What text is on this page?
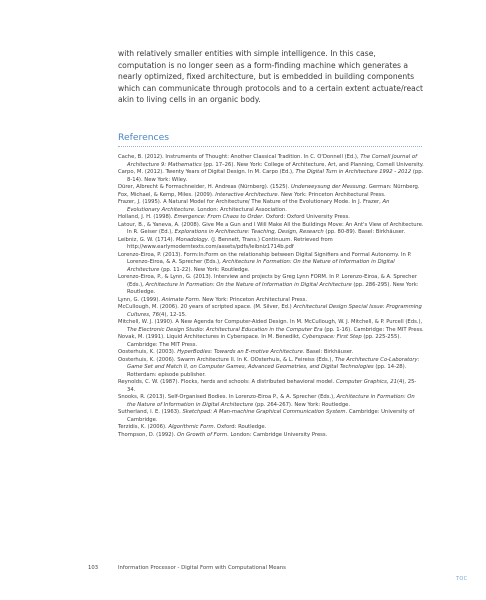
with relatively smaller entities with simple intelligence. In this case, computation is no longer seen as a form-finding machine which generates a nearly optimized, fixed architecture, but is embedded in building components which can communicate through protocols and to a certain extent actuate/react akin to living cells in an organic body.

References

Cache, B. (2012). Instruments of Thought: Another Classical Tradition. In C. O'Donnell (Ed.), The Cornell Journal of Architecture 9: Mathematics (pp. 17–26). New York: College of Architecture, Art, and Planning, Cornell University.

Carpo, M. (2012). Twenty Years of Digital Design. In M. Carpo (Ed.), The Digital Turn in Architecture 1992 - 2012 (pp. 8-14). New York: Wiley.

Dürer, Albrecht & Formschneider, H. Andreas (Nürnberg). (1525). Underweysung der Messung. German: Nürnberg.

Fox, Michael, & Kemp, Miles. (2009). Interactive Architecture. New York: Princeton Architectural Press.

Frazer, J. (1995). A Natural Model for Architecture/ The Nature of the Evolutionary Mode. In J. Frazer, An Evolutionary Architecture. London: Architectural Association.

Holland, J. H. (1998). Emergence: From Chaos to Order. Oxford: Oxford University Press.

Latour, B., & Yaneva, A. (2008). Give Me a Gun and I Will Make All the Buildings Move: An Ant's View of Architecture. In R. Geiser (Ed.), Explorations in Architecture: Teaching, Design, Research (pp. 80-89). Basel: Birkhäuser.

Leibniz, G. W. (1714). Monadology. (J. Bennett, Trans.) Continuum. Retrieved from http://www.earlymoderntexts.com/assets/pdfs/leibniz1714b.pdf

Lorenzo-Eiroa, P. (2013). Form:In:Form on the relationship between Digital Signifiers and Formal Autonomy. In P. Lorenzo-Eiroa, & A. Sprecher (Eds.), Architecture In Formation: On the Nature of Information in Digital Architecture (pp. 11-22). New York: Routledge.

Lorenzo-Eiroa, P., & Lynn, G. (2013). Interview and projects by Greg Lynn FORM. In P. Lorenzo-Eiroa, & A. Sprecher (Eds.), Architecture In Formation: On the Nature of Information in Digital Architecture (pp. 286-295). New York: Routledge.

Lynn, G. (1999). Animate Form. New York: Princeton Architectural Press.

McCullough, M. (2006). 20 years of scripted space. (M. Silver, Ed.) Architectural Design Special Issue: Programming Cultures, 76(4), 12-15.

Mitchell, W. J. (1990). A New Agenda for Computer-Aided Design. In M. McCullough, W. J. Mitchell, & P. Purcell (Eds.), The Electronic Design Studio: Architectural Education in the Computer Era (pp. 1-16). Cambridge: The MIT Press.

Novak, M. (1991). Liquid Architectures in Cyberspace. In M. Benedikt, Cyberspace: First Step (pp. 225-255). Cambridge: The MIT Press.

Oosterhuis, K. (2003). HyperBodies: Towards an E-motive Architecture. Basel: Birkhäuser.

Oosterhuis, K. (2006). Swarm Architecture II. In K. OOsterhuis, & L. Feireiss (Eds.), The Architecture Co-Laboratory: Game Set and Match II, on Computer Games, Advanced Geometries, and Digital Technologies (pp. 14-28). Rotterdam: episode publisher.

Reynolds, C. W. (1987). Flocks, herds and schools: A distributed behavioral model. Computer Graphics, 21(4), 25-34.

Snooks, R. (2013). Self-Organised Bodies. In Lorenzo-Eiroa P., & A. Sprecher (Eds.), Architecture in Formation: On the Nature of Information in Digital Architecture (pp. 264-267). New York: Routledge.

Sutherland, I. E. (1963). Sketchpad: A Man-machine Graphical Communication System. Cambridge: University of Cambridge.

Terzidis, K. (2006). Algorithmic Form. Oxford: Routledge.

Thompson, D. (1992). On Growth of Form. London: Cambridge University Press.

103	Information Processor - Digital Form with Computational Means
TOC
